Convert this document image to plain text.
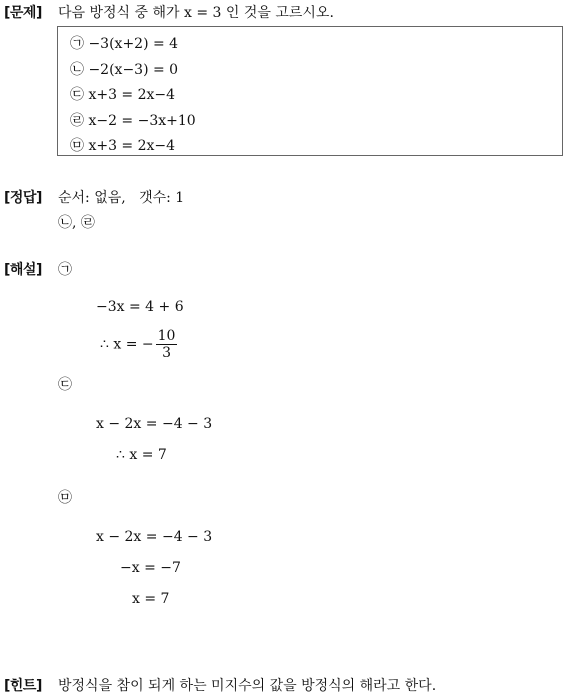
[문제] 다음 방정식 중 해가 x = 3 인 것을 고르시오.
㉠ −3(x+2) = 4
㉡ −2(x−3) = 0
㉢ x+3 = 2x−4
㉣ x−2 = −3x+10
㉤ x+3 = 2x−4
[정답] 순서: 없음,   갯수: 1
㉡, ㉣
[해설] ㉠
−3x = 4 + 6
∴ x = − $\frac{10}{3}$
㉢
x − 2x = −4 − 3
∴ x = 7
㉤
x − 2x = −4 − 3
−x = −7
x = 7
[힌트] 방정식을 참이 되게 하는 미지수의 값을 방정식의 해라고 한다.
